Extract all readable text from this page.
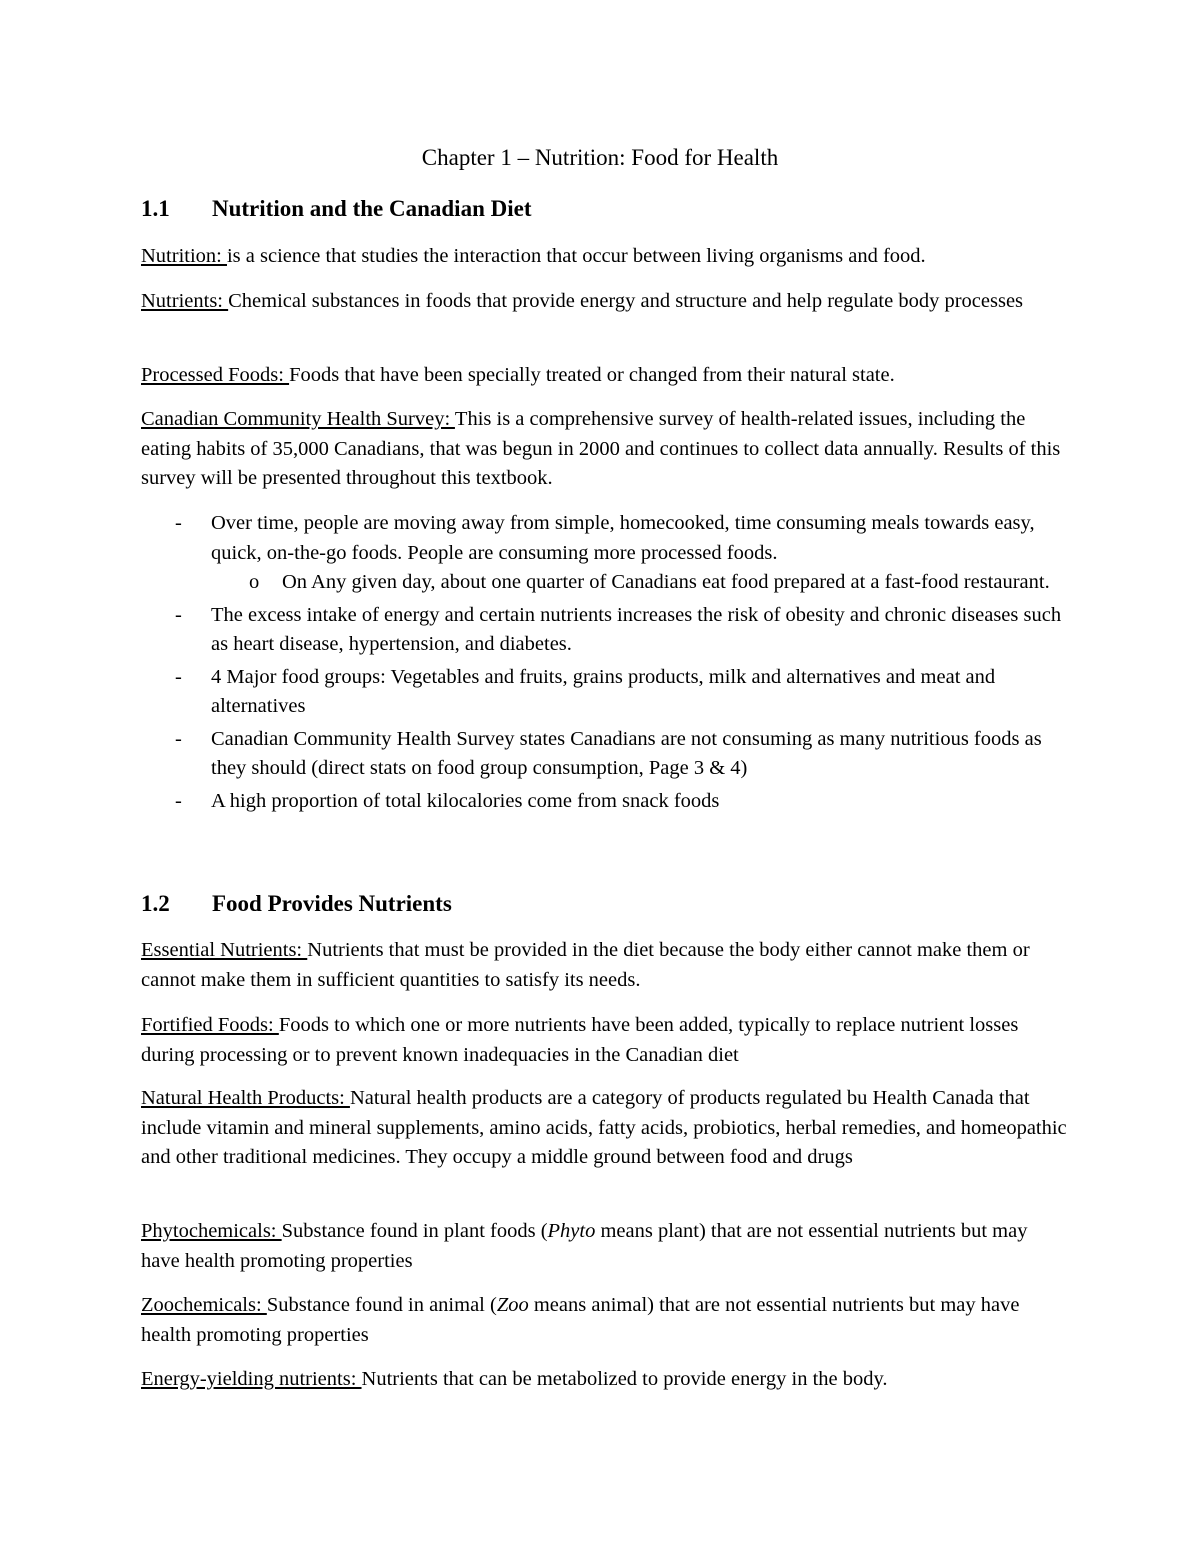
Chapter 1 – Nutrition: Food for Health
1.1 Nutrition and the Canadian Diet

Nutrition: is a science that studies the interaction that occur between living organisms and food.

Nutrients: Chemical substances in foods that provide energy and structure and help regulate body processes

Processed Foods: Foods that have been specially treated or changed from their natural state.

Canadian Community Health Survey: This is a comprehensive survey of health-related issues, including the eating habits of 35,000 Canadians, that was begun in 2000 and continues to collect data annually. Results of this survey will be presented throughout this textbook.

- Over time, people are moving away from simple, homecooked, time consuming meals towards easy, quick, on-the-go foods. People are consuming more processed foods.
o On Any given day, about one quarter of Canadians eat food prepared at a fast-food restaurant.
- The excess intake of energy and certain nutrients increases the risk of obesity and chronic diseases such as heart disease, hypertension, and diabetes.
- 4 Major food groups: Vegetables and fruits, grains products, milk and alternatives and meat and alternatives
- Canadian Community Health Survey states Canadians are not consuming as many nutritious foods as they should (direct stats on food group consumption, Page 3 & 4)
- A high proportion of total kilocalories come from snack foods
1.2 Food Provides Nutrients

Essential Nutrients: Nutrients that must be provided in the diet because the body either cannot make them or cannot make them in sufficient quantities to satisfy its needs.

Fortified Foods: Foods to which one or more nutrients have been added, typically to replace nutrient losses during processing or to prevent known inadequacies in the Canadian diet

Natural Health Products: Natural health products are a category of products regulated bu Health Canada that include vitamin and mineral supplements, amino acids, fatty acids, probiotics, herbal remedies, and homeopathic and other traditional medicines. They occupy a middle ground between food and drugs

Phytochemicals: Substance found in plant foods (Phyto means plant) that are not essential nutrients but may have health promoting properties

Zoochemicals: Substance found in animal (Zoo means animal) that are not essential nutrients but may have health promoting properties

Energy-yielding nutrients: Nutrients that can be metabolized to provide energy in the body.
